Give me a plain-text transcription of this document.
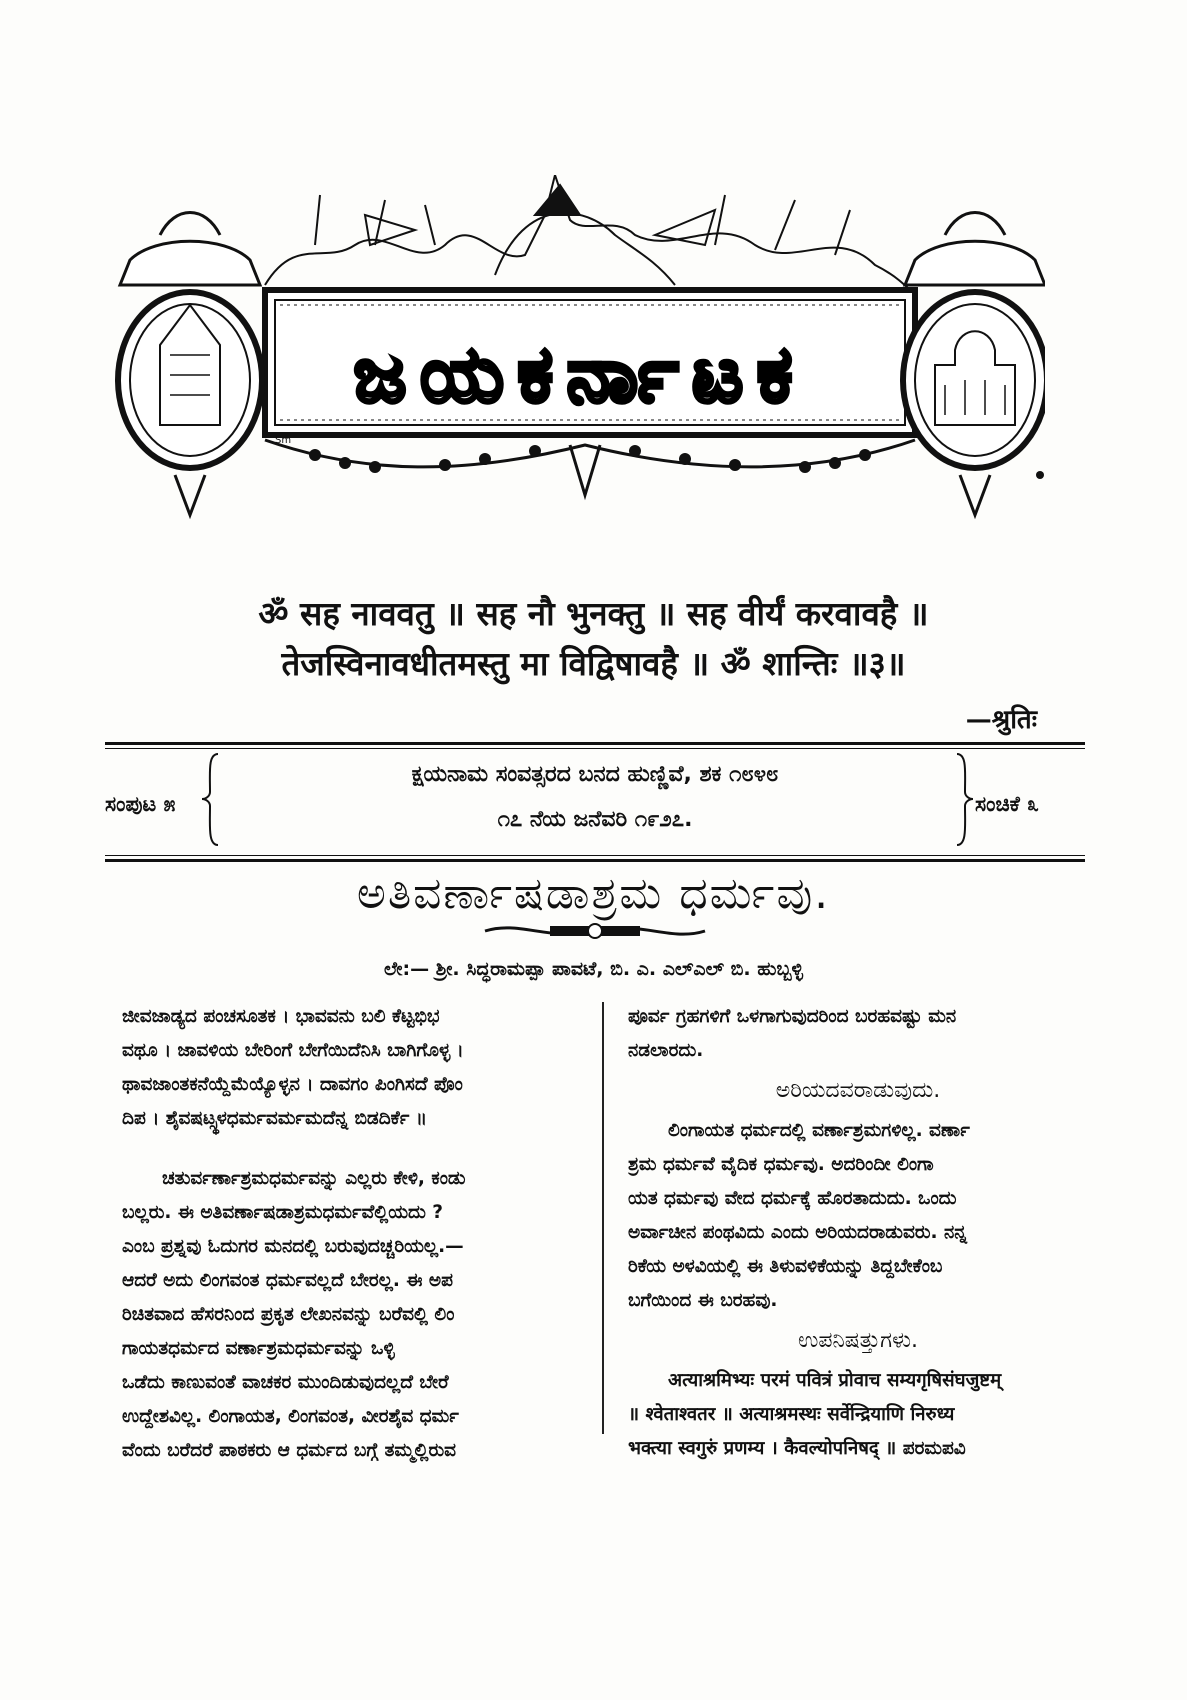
Sm
ಜಯಕರ್ನಾಟಕ
ॐ सह नाववतु ॥ सह नौ भुनक्तु ॥ सह वीर्यं करवावहै ॥
तेजस्विनावधीतमस्तु मा विद्विषावहै ॥ ॐ शान्तिः ॥३॥
—श्रुतिः
ಸಂಪುಟ ೫
ಕ್ಷಯನಾಮ ಸಂವತ್ಸರದ ಬನದ ಹುಣ್ಣಿವೆ, ಶಕ ೧೮೪೮
೧೭ ನೆಯ ಜನೆವರಿ ೧೯೨೭.
ಸಂಚಿಕೆ ೩
ಅತಿವರ್ಣಾಷಡಾಶ್ರಮ ಧರ್ಮವು.
ಲೇ:— ಶ್ರೀ. ಸಿದ್ಧರಾಮಪ್ಪಾ ಪಾವಟೆ, ಬಿ. ಎ. ಎಲ್‌ಎಲ್ ಬಿ. ಹುಬ್ಬಳ್ಳಿ
ಜೀವಜಾಡ್ಯದ ಪಂಚಸೂತಕ । ಭಾವವನು ಬಲಿ ಕೆಟ್ಟಭಿಭ
ವಥೂ । ಜಾವಳಿಯ ಬೇರಿಂಗೆ ಬೇಗೆಯಿದೆನಿಸಿ ಬಾಗಿಗೊಳ್ಳ ।
ಥಾವಜಾಂತಕನೆಯ್ದೆಮೆಯ್ಯೊಳ್ಳನ । ದಾವಗಂ ಪಿಂಗಿಸದೆ ಪೊಂ
ದಿಪ । ಶೈವಷಟ್ಸ್ಥಳಧರ್ಮವರ್ಮಮದೆನ್ನ ಬಿಡದಿರ್ಕೆ ॥
ಚತುರ್ವರ್ಣಾಶ್ರಮಧರ್ಮವನ್ನು ಎಲ್ಲರು ಕೇಳಿ, ಕಂಡು
ಬಲ್ಲರು. ಈ ಅತಿವರ್ಣಾಷಡಾಶ್ರಮಧರ್ಮವೆಲ್ಲಿಯದು ?
ಎಂಬ ಪ್ರಶ್ನವು ಓದುಗರ ಮನದಲ್ಲಿ ಬರುವುದಚ್ಚರಿಯಲ್ಲ.—
ಆದರೆ ಅದು ಲಿಂಗವಂತ ಧರ್ಮವಲ್ಲದೆ ಬೇರಲ್ಲ. ಈ ಅಪ
ರಿಚಿತವಾದ ಹೆಸರನಿಂದ ಪ್ರಕೃತ ಲೇಖನವನ್ನು ಬರೆವಲ್ಲಿ ಲಿಂ
ಗಾಯತಧರ್ಮದ ವರ್ಣಾಶ್ರಮಧರ್ಮವನ್ನು ಒಳ್ಳಿ
ಒಡೆದು ಕಾಣುವಂತೆ ವಾಚಕರ ಮುಂದಿಡುವುದಲ್ಲದೆ ಬೇರೆ
ಉದ್ದೇಶವಿಲ್ಲ. ಲಿಂಗಾಯತ, ಲಿಂಗವಂತ, ವೀರಶೈವ ಧರ್ಮ
ವೆಂದು ಬರೆದರೆ ಪಾಠಕರು ಆ ಧರ್ಮದ ಬಗ್ಗೆ ತಮ್ಮಲ್ಲಿರುವ
ಪೂರ್ವ ಗ್ರಹಗಳಿಗೆ ಒಳಗಾಗುವುದರಿಂದ ಬರಹವಷ್ಟು ಮನ
ನಡಲಾರದು.
ಅರಿಯದವರಾಡುವುದು.
ಲಿಂಗಾಯತ ಧರ್ಮದಲ್ಲಿ ವರ್ಣಾಶ್ರಮಗಳಿಲ್ಲ. ವರ್ಣಾ
ಶ್ರಮ ಧರ್ಮವೆ ವೈದಿಕ ಧರ್ಮವು. ಅದರಿಂದೀ ಲಿಂಗಾ
ಯತ ಧರ್ಮವು ವೇದ ಧರ್ಮಕ್ಕೆ ಹೊರತಾದುದು. ಒಂದು
ಅರ್ವಾಚೀನ ಪಂಥವಿದು ಎಂದು ಅರಿಯದರಾಡುವರು. ನನ್ನ
ರಿಕೆಯ ಅಳವಿಯಲ್ಲಿ ಈ ತಿಳುವಳಿಕೆಯನ್ನು ತಿದ್ದಬೇಕೆಂಬ
ಬಗೆಯಿಂದ ಈ ಬರಹವು.
ಉಪನಿಷತ್ತುಗಳು.
अत्याश्रमिभ्यः परमं पवित्रं प्रोवाच सम्यगृषिसंघजुष्टम्
॥ श्वेताश्वतर ॥ अत्याश्रमस्थः सर्वेन्द्रियाणि निरुध्य
भक्त्या स्वगुरुं प्रणम्य । कैवल्योपनिषद् ॥ ಪರಮಪವಿ
